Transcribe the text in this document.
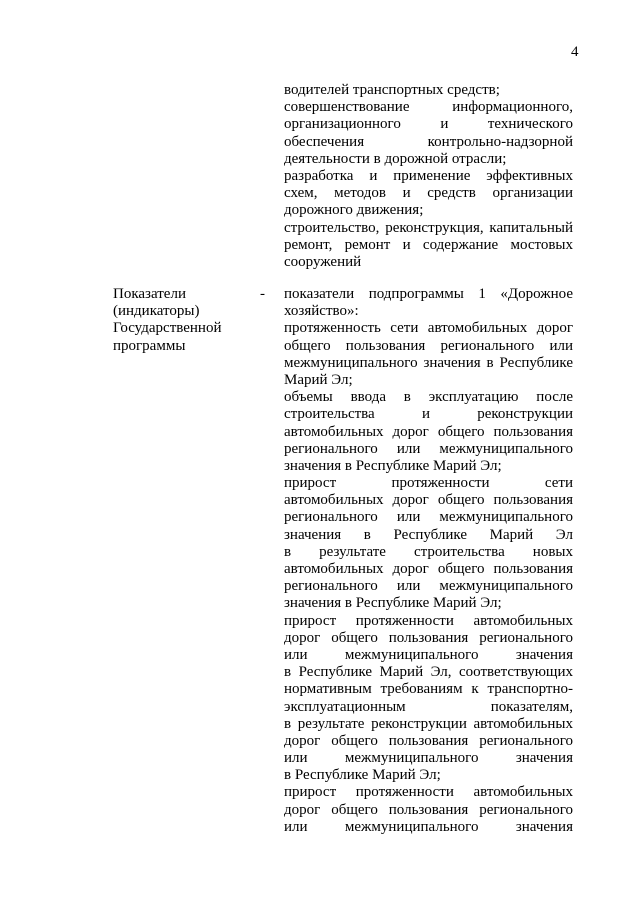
4
водителей транспортных средств;
совершенствование информационного,
организационного и технического
обеспечения контрольно-надзорной
деятельности в дорожной отрасли;
разработка и применение эффективных
схем, методов и средств организации
дорожного движения;
строительство, реконструкция, капитальный
ремонт, ремонт и содержание мостовых
сооружений
Показатели
(индикаторы)
Государственной
программы
- показатели подпрограммы 1 «Дорожное
хозяйство»:
протяженность сети автомобильных дорог
общего пользования регионального или
межмуниципального значения в Республике
Марий Эл;
объемы ввода в эксплуатацию после
строительства и реконструкции
автомобильных дорог общего пользования
регионального или межмуниципального
значения в Республике Марий Эл;
прирост протяженности сети
автомобильных дорог общего пользования
регионального или межмуниципального
значения в Республике Марий Эл
в результате строительства новых
автомобильных дорог общего пользования
регионального или межмуниципального
значения в Республике Марий Эл;
прирост протяженности автомобильных
дорог общего пользования регионального
или межмуниципального значения
в Республике Марий Эл, соответствующих
нормативным требованиям к транспортно-
эксплуатационным показателям,
в результате реконструкции автомобильных
дорог общего пользования регионального
или межмуниципального значения
в Республике Марий Эл;
прирост протяженности автомобильных
дорог общего пользования регионального
или межмуниципального значения
